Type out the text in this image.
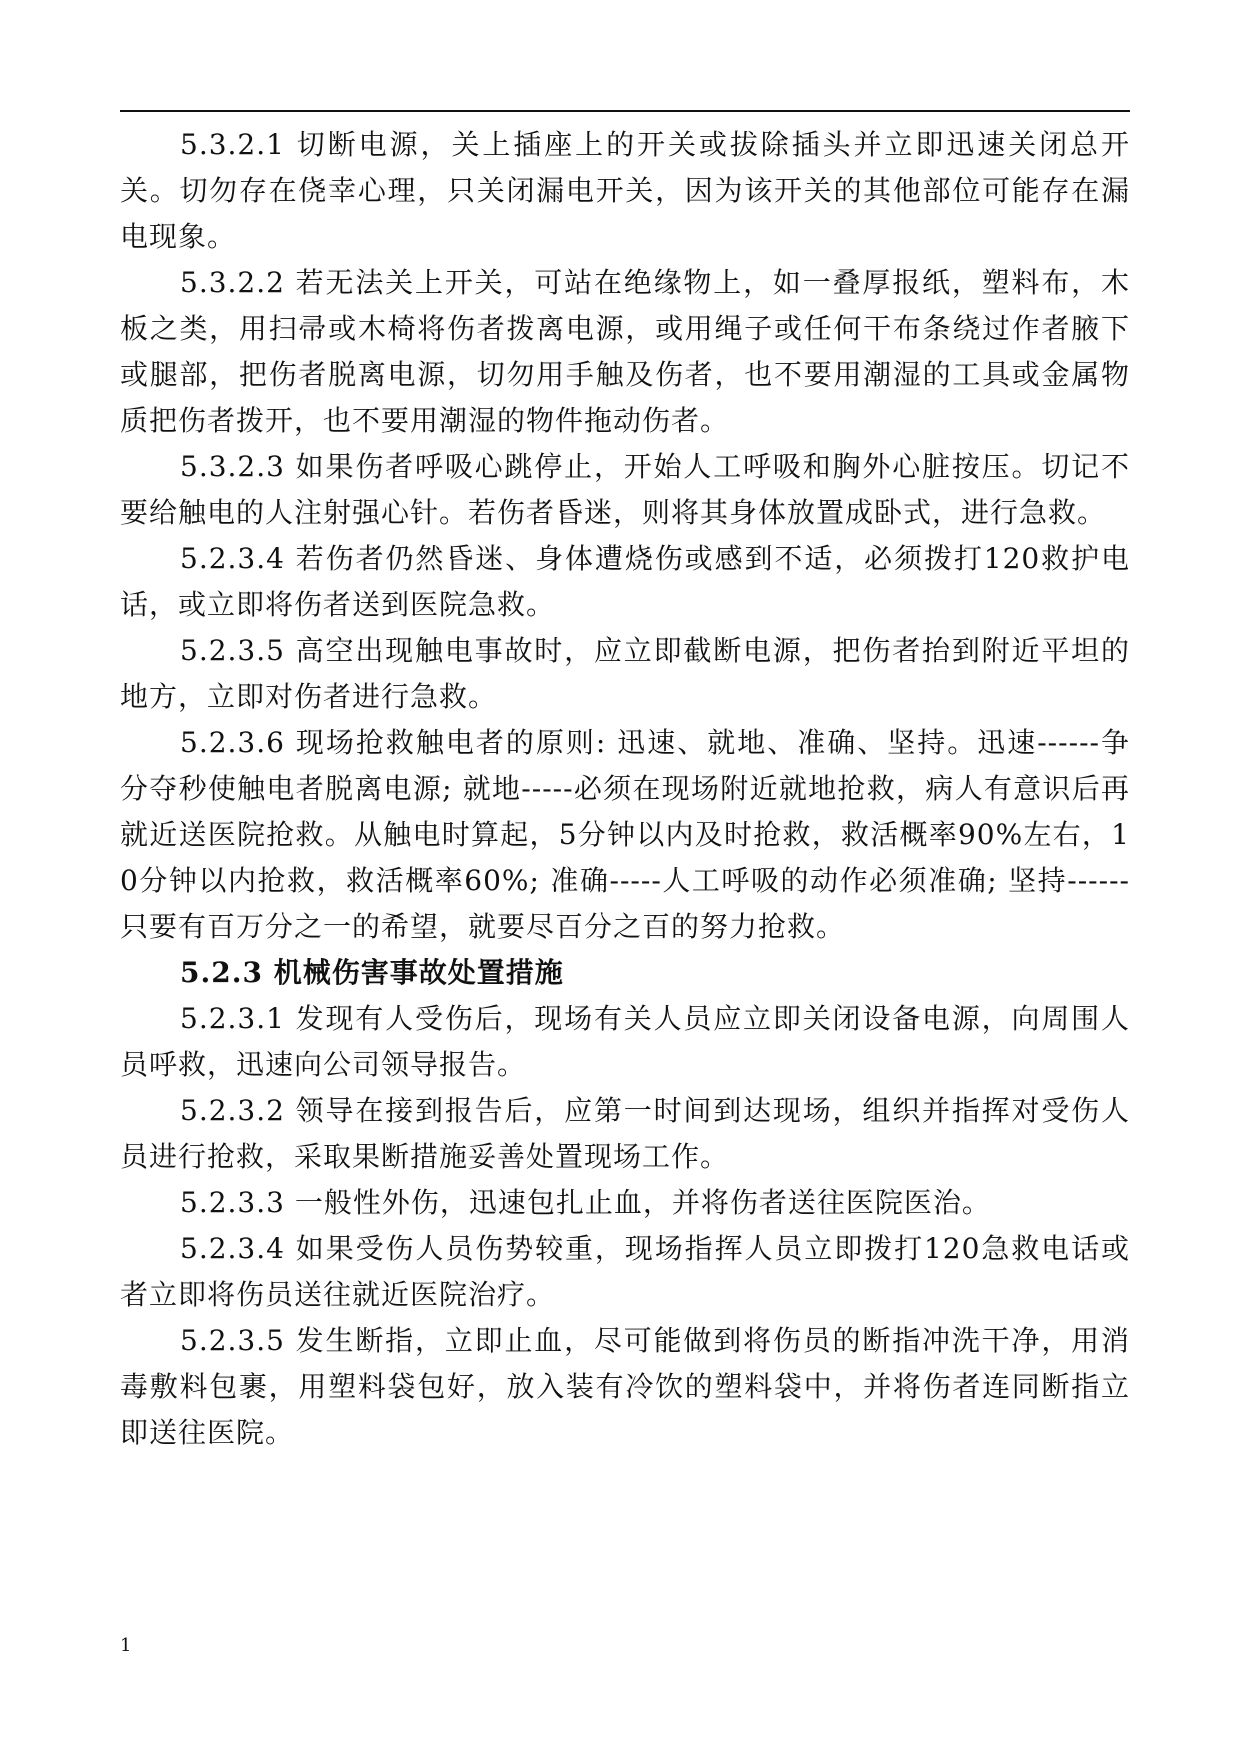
5.3.2.1 切断电源，关上插座上的开关或拔除插头并立即迅速关闭总开关。切勿存在侥幸心理，只关闭漏电开关，因为该开关的其他部位可能存在漏电现象。

5.3.2.2 若无法关上开关，可站在绝缘物上，如一叠厚报纸，塑料布，木板之类，用扫帚或木椅将伤者拨离电源，或用绳子或任何干布条绕过作者腋下或腿部，把伤者脱离电源，切勿用手触及伤者，也不要用潮湿的工具或金属物质把伤者拨开，也不要用潮湿的物件拖动伤者。

5.3.2.3 如果伤者呼吸心跳停止，开始人工呼吸和胸外心脏按压。切记不要给触电的人注射强心针。若伤者昏迷，则将其身体放置成卧式，进行急救。

5.2.3.4 若伤者仍然昏迷、身体遭烧伤或感到不适，必须拨打120救护电话，或立即将伤者送到医院急救。

5.2.3.5 高空出现触电事故时，应立即截断电源，把伤者抬到附近平坦的地方，立即对伤者进行急救。

5.2.3.6 现场抢救触电者的原则: 迅速、就地、准确、坚持。迅速------争分夺秒使触电者脱离电源; 就地-----必须在现场附近就地抢救，病人有意识后再就近送医院抢救。从触电时算起，5分钟以内及时抢救，救活概率90%左右，10分钟以内抢救，救活概率60%; 准确-----人工呼吸的动作必须准确; 坚持------只要有百万分之一的希望，就要尽百分之百的努力抢救。

5.2.3 机械伤害事故处置措施

5.2.3.1 发现有人受伤后，现场有关人员应立即关闭设备电源，向周围人员呼救，迅速向公司领导报告。

5.2.3.2 领导在接到报告后，应第一时间到达现场，组织并指挥对受伤人员进行抢救，采取果断措施妥善处置现场工作。

5.2.3.3 一般性外伤，迅速包扎止血，并将伤者送往医院医治。

5.2.3.4 如果受伤人员伤势较重，现场指挥人员立即拨打120急救电话或者立即将伤员送往就近医院治疗。

5.2.3.5 发生断指，立即止血，尽可能做到将伤员的断指冲洗干净，用消毒敷料包裹，用塑料袋包好，放入装有冷饮的塑料袋中，并将伤者连同断指立即送往医院。

1
